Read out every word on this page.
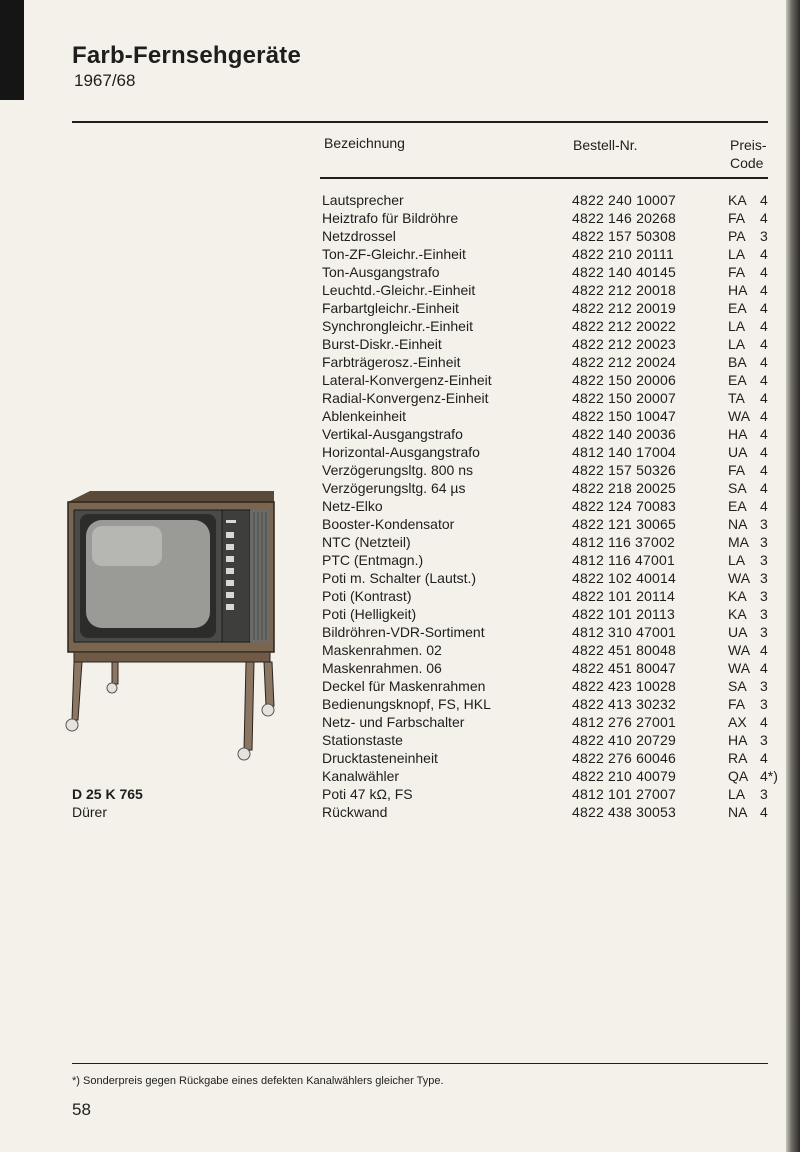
Farb-Fernsehgeräte
1967/68
Bezeichnung	Bestell-Nr.	Preis-
Code
Lautsprecher	4822 240 10007	KA 4
Heiztrafo für Bildröhre	4822 146 20268	FA 4
Netzdrossel	4822 157 50308	PA 3
Ton-ZF-Gleichr.-Einheit	4822 210 20111	LA 4
Ton-Ausgangstrafo	4822 140 40145	FA 4
Leuchtd.-Gleichr.-Einheit	4822 212 20018	HA 4
Farbartgleichr.-Einheit	4822 212 20019	EA 4
Synchrongleichr.-Einheit	4822 212 20022	LA 4
Burst-Diskr.-Einheit	4822 212 20023	LA 4
Farbträgerosz.-Einheit	4822 212 20024	BA 4
Lateral-Konvergenz-Einheit	4822 150 20006	EA 4
Radial-Konvergenz-Einheit	4822 150 20007	TA 4
Ablenkeinheit	4822 150 10047	WA 4
Vertikal-Ausgangstrafo	4822 140 20036	HA 4
Horizontal-Ausgangstrafo	4812 140 17004	UA 4
Verzögerungsltg. 800 ns	4822 157 50326	FA 4
Verzögerungsltg. 64 µs	4822 218 20025	SA 4
Netz-Elko	4822 124 70083	EA 4
Booster-Kondensator	4822 121 30065	NA 3
NTC (Netzteil)	4812 116 37002	MA 3
PTC (Entmagn.)	4812 116 47001	LA 3
Poti m. Schalter (Lautst.)	4822 102 40014	WA 3
Poti (Kontrast)	4822 101 20114	KA 3
Poti (Helligkeit)	4822 101 20113	KA 3
Bildröhren-VDR-Sortiment	4812 310 47001	UA 3
Maskenrahmen. 02	4822 451 80048	WA 4
Maskenrahmen. 06	4822 451 80047	WA 4
Deckel für Maskenrahmen	4822 423 10028	SA 3
Bedienungsknopf, FS, HKL	4822 413 30232	FA 3
Netz- und Farbschalter	4812 276 27001	AX 4
Stationstaste	4822 410 20729	HA 3
Drucktasteneinheit	4822 276 60046	RA 4
Kanalwähler	4822 210 40079	QA 4*)
Poti 47 kΩ, FS	4812 101 27007	LA 3
Rückwand	4822 438 30053	NA 4
D 25 K 765
Dürer
*) Sonderpreis gegen Rückgabe eines defekten Kanalwählers gleicher Type.
58
